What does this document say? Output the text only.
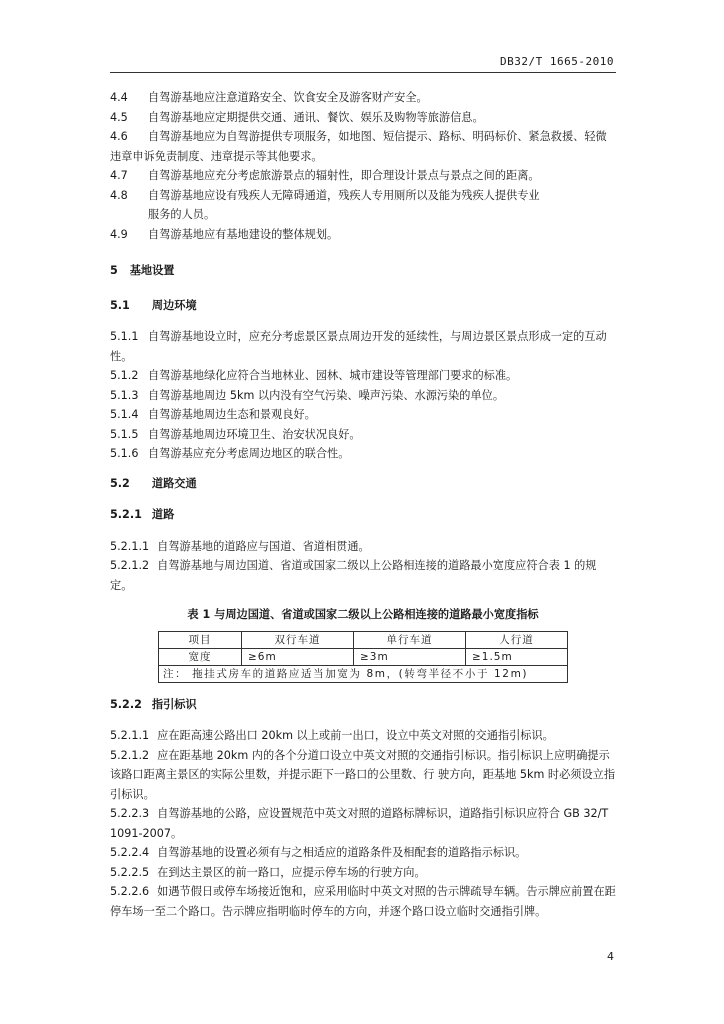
DB32/T 1665-2010

4.4 自驾游基地应注意道路安全、饮食安全及游客财产安全。

4.5 自驾游基地应定期提供交通、通讯、餐饮、娱乐及购物等旅游信息。

4.6 自驾游基地应为自驾游提供专项服务，如地图、短信提示、路标、明码标价、紧急救援、轻微违章申诉免责制度、违章提示等其他要求。

4.7 自驾游基地应充分考虑旅游景点的辐射性，即合理设计景点与景点之间的距离。

4.8 自驾游基地应设有残疾人无障碍通道，残疾人专用厕所以及能为残疾人提供专业

服务的人员。

4.9 自驾游基地应有基地建设的整体规划。

5 基地设置

5.1 周边环境

5.1.1 自驾游基地设立时，应充分考虑景区景点周边开发的延续性，与周边景区景点形成一定的互动性。

5.1.2 自驾游基地绿化应符合当地林业、园林、城市建设等管理部门要求的标准。

5.1.3 自驾游基地周边 5km 以内没有空气污染、噪声污染、水源污染的单位。

5.1.4 自驾游基地周边生态和景观良好。

5.1.5 自驾游基地周边环境卫生、治安状况良好。

5.1.6 自驾游基应充分考虑周边地区的联合性。

5.2 道路交通

5.2.1 道路

5.2.1.1 自驾游基地的道路应与国道、省道相贯通。

5.2.1.2 自驾游基地与周边国道、省道或国家二级以上公路相连接的道路最小宽度应符合表 1 的规定。

表 1 与周边国道、省道或国家二级以上公路相连接的道路最小宽度指标

项目	双行车道	单行车道	人行道
宽度	≥6m	≥3m	≥1.5m
注： 拖挂式房车的道路应适当加宽为 8m，(转弯半径不小于 12m)			

5.2.2 指引标识

5.2.1.1 应在距高速公路出口 20km 以上或前一出口，设立中英文对照的交通指引标识。

5.2.1.2 应在距基地 20km 内的各个分道口设立中英文对照的交通指引标识。指引标识上应明确提示该路口距离主景区的实际公里数，并提示距下一路口的公里数、行 驶方向，距基地 5km 时必须设立指引标识。

5.2.2.3 自驾游基地的公路，应设置规范中英文对照的道路标牌标识，道路指引标识应符合 GB 32/T 1091-2007。

5.2.2.4 自驾游基地的设置必须有与之相适应的道路条件及相配套的道路指示标识。

5.2.2.5 在到达主景区的前一路口，应提示停车场的行驶方向。

5.2.2.6 如遇节假日或停车场接近饱和，应采用临时中英文对照的告示牌疏导车辆。告示牌应前置在距停车场一至二个路口。告示牌应指明临时停车的方向，并逐个路口设立临时交通指引牌。

4
